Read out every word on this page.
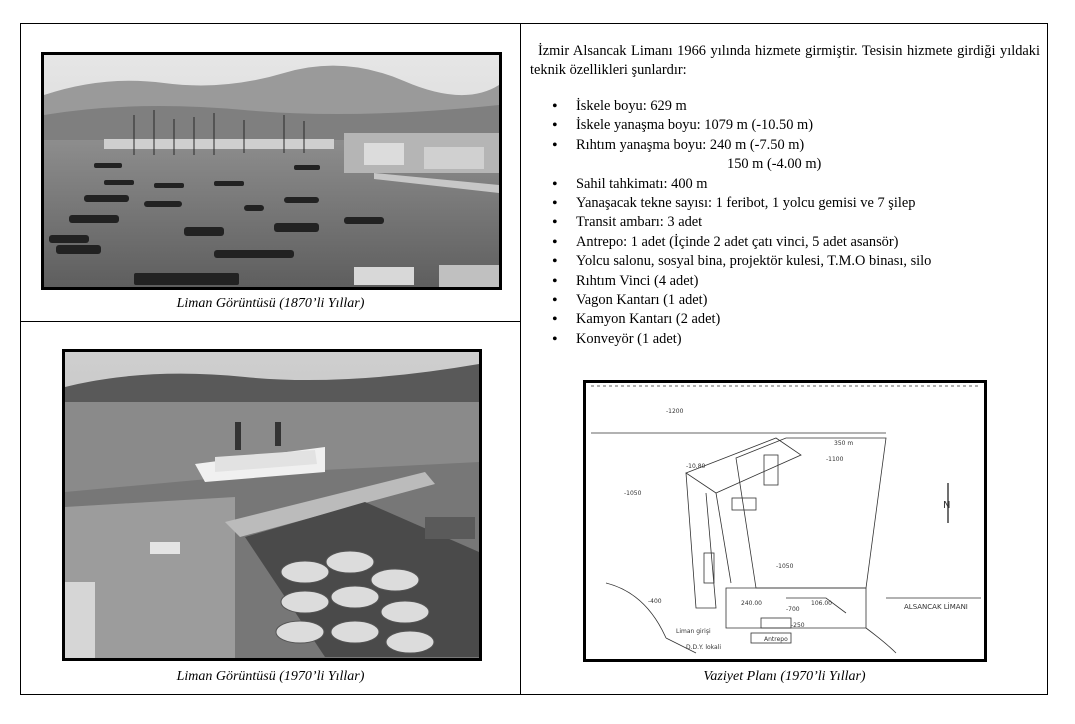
Liman Görüntüsü (1870’li Yıllar)
Liman Görüntüsü (1970’li Yıllar)
İzmir Alsancak Limanı 1966 yılında hizmete girmiştir. Tesisin hizmete girdiği yıldaki teknik özellikleri şunlardır:
• İskele boyu: 629 m
• İskele yanaşma boyu: 1079 m (-10.50 m)
• Rıhtım yanaşma boyu: 240 m (-7.50 m)
150 m (-4.00 m)
• Sahil tahkimatı: 400 m
• Yanaşacak tekne sayısı: 1 feribot, 1 yolcu gemisi ve 7 şilep
• Transit ambarı: 3 adet
• Antrepo: 1 adet (İçinde 2 adet çatı vinci, 5 adet asansör)
• Yolcu salonu, sosyal bina, projektör kulesi, T.M.O binası, silo
• Rıhtım Vinci (4 adet)
• Vagon Kantarı (1 adet)
• Kamyon Kantarı (2 adet)
• Konveyör (1 adet)
-1200
350 m
-1100
-10.80
-1050
-1050
-700
-400
-250
240.00	106.00
Antrepo
Liman girişi
D.D.Y. lokali
ALSANCAK LİMANI
N
Vaziyet Planı (1970’li Yıllar)
